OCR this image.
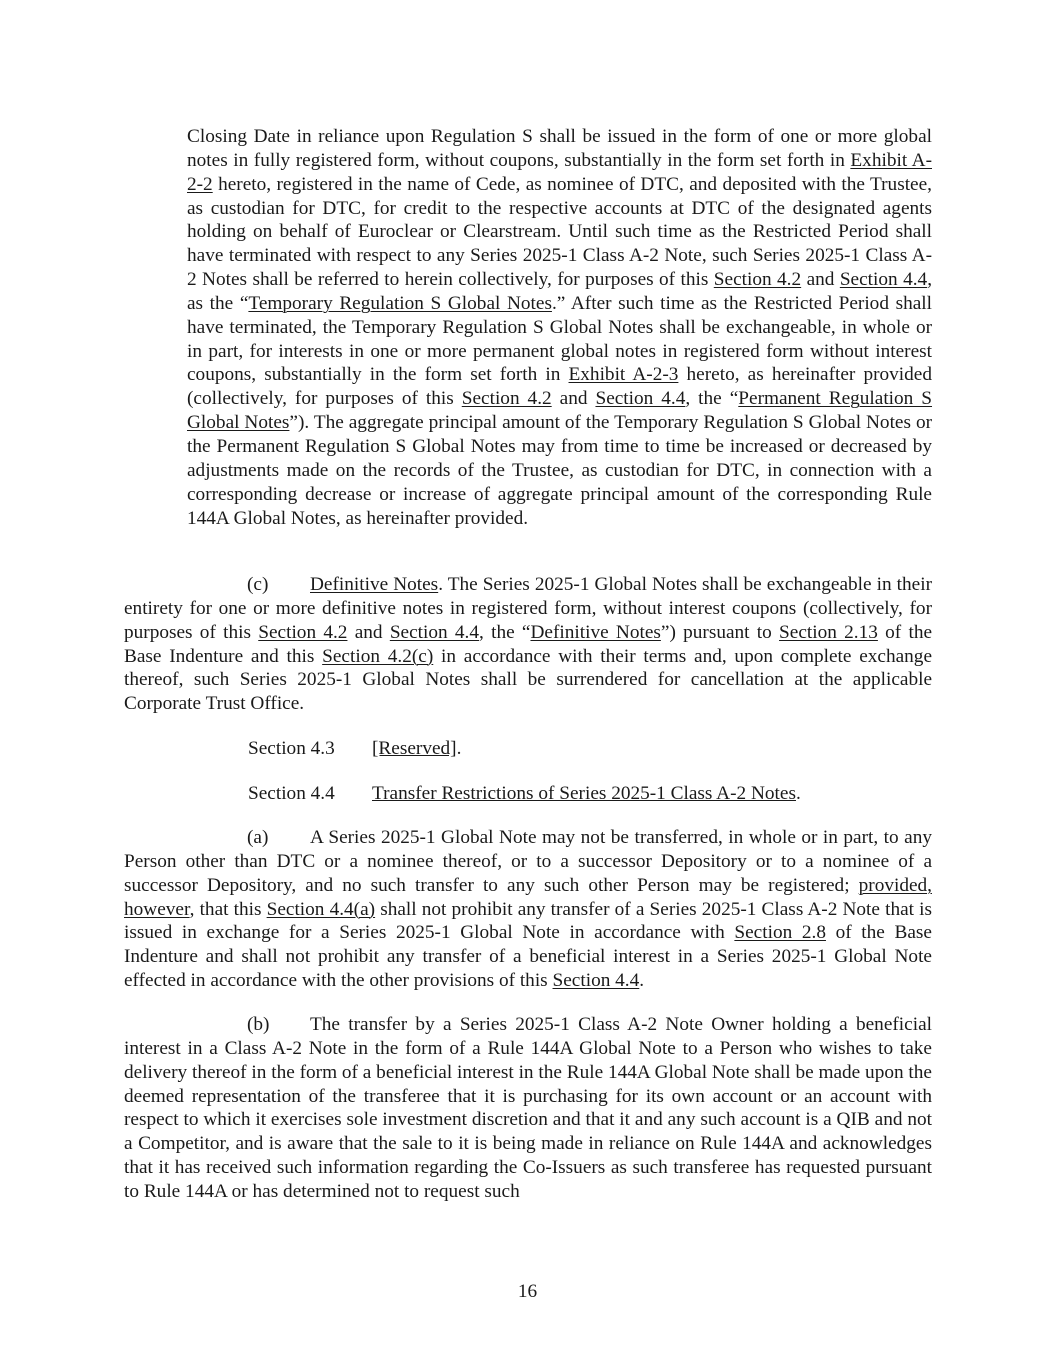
Closing Date in reliance upon Regulation S shall be issued in the form of one or more global notes in fully registered form, without coupons, substantially in the form set forth in Exhibit A-2-2 hereto, registered in the name of Cede, as nominee of DTC, and deposited with the Trustee, as custodian for DTC, for credit to the respective accounts at DTC of the designated agents holding on behalf of Euroclear or Clearstream. Until such time as the Restricted Period shall have terminated with respect to any Series 2025-1 Class A-2 Note, such Series 2025-1 Class A-2 Notes shall be referred to herein collectively, for purposes of this Section 4.2 and Section 4.4, as the “Temporary Regulation S Global Notes.” After such time as the Restricted Period shall have terminated, the Temporary Regulation S Global Notes shall be exchangeable, in whole or in part, for interests in one or more permanent global notes in registered form without interest coupons, substantially in the form set forth in Exhibit A-2-3 hereto, as hereinafter provided (collectively, for purposes of this Section 4.2 and Section 4.4, the “Permanent Regulation S Global Notes”). The aggregate principal amount of the Temporary Regulation S Global Notes or the Permanent Regulation S Global Notes may from time to time be increased or decreased by adjustments made on the records of the Trustee, as custodian for DTC, in connection with a corresponding decrease or increase of aggregate principal amount of the corresponding Rule 144A Global Notes, as hereinafter provided.

(c) Definitive Notes. The Series 2025-1 Global Notes shall be exchangeable in their entirety for one or more definitive notes in registered form, without interest coupons (collectively, for purposes of this Section 4.2 and Section 4.4, the “Definitive Notes”) pursuant to Section 2.13 of the Base Indenture and this Section 4.2(c) in accordance with their terms and, upon complete exchange thereof, such Series 2025-1 Global Notes shall be surrendered for cancellation at the applicable Corporate Trust Office.

Section 4.3 [Reserved].

Section 4.4 Transfer Restrictions of Series 2025-1 Class A-2 Notes.

(a) A Series 2025-1 Global Note may not be transferred, in whole or in part, to any Person other than DTC or a nominee thereof, or to a successor Depository or to a nominee of a successor Depository, and no such transfer to any such other Person may be registered; provided, however, that this Section 4.4(a) shall not prohibit any transfer of a Series 2025-1 Class A-2 Note that is issued in exchange for a Series 2025-1 Global Note in accordance with Section 2.8 of the Base Indenture and shall not prohibit any transfer of a beneficial interest in a Series 2025-1 Global Note effected in accordance with the other provisions of this Section 4.4.

(b) The transfer by a Series 2025-1 Class A-2 Note Owner holding a beneficial interest in a Class A-2 Note in the form of a Rule 144A Global Note to a Person who wishes to take delivery thereof in the form of a beneficial interest in the Rule 144A Global Note shall be made upon the deemed representation of the transferee that it is purchasing for its own account or an account with respect to which it exercises sole investment discretion and that it and any such account is a QIB and not a Competitor, and is aware that the sale to it is being made in reliance on Rule 144A and acknowledges that it has received such information regarding the Co-Issuers as such transferee has requested pursuant to Rule 144A or has determined not to request such

16
